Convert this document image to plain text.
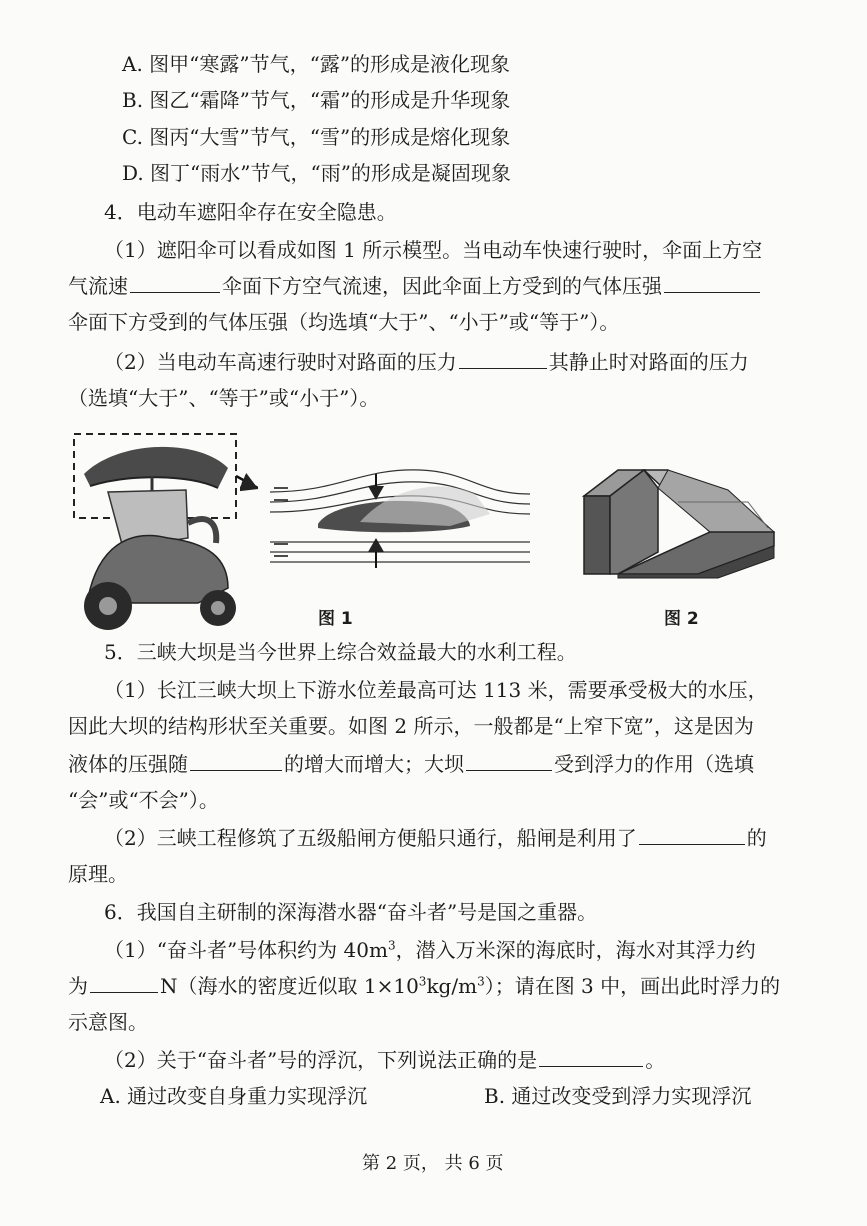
A. 图甲“寒露”节气，“露”的形成是液化现象
B. 图乙“霜降”节气，“霜”的形成是升华现象
C. 图丙“大雪”节气，“雪”的形成是熔化现象
D. 图丁“雨水”节气，“雨”的形成是凝固现象
4．电动车遮阳伞存在安全隐患。
（1）遮阳伞可以看成如图 1 所示模型。当电动车快速行驶时，伞面上方空
气流速	伞面下方空气流速，因此伞面上方受到的气体压强
伞面下方受到的气体压强（均选填“大于”、“小于”或“等于”）。
（2）当电动车高速行驶时对路面的压力	其静止时对路面的压力
（选填“大于”、“等于”或“小于”）。
图 1	图 2
5．三峡大坝是当今世界上综合效益最大的水利工程。
（1）长江三峡大坝上下游水位差最高可达 113 米，需要承受极大的水压，
因此大坝的结构形状至关重要。如图 2 所示，一般都是“上窄下宽”，这是因为
液体的压强随	的增大而增大；大坝	受到浮力的作用（选填
“会”或“不会”）。
（2）三峡工程修筑了五级船闸方便船只通行，船闸是利用了	的
原理。
6．我国自主研制的深海潜水器“奋斗者”号是国之重器。
（1）“奋斗者”号体积约为 $40m^3$，潜入万米深的海底时，海水对其浮力约
为	N（海水的密度近似取 $1\times 10^3kg/m^3$）；请在图 3 中，画出此时浮力的
示意图。
（2）关于“奋斗者”号的浮沉，下列说法正确的是	。
A. 通过改变自身重力实现浮沉	B. 通过改变受到浮力实现浮沉
第 2 页， 共 6 页
